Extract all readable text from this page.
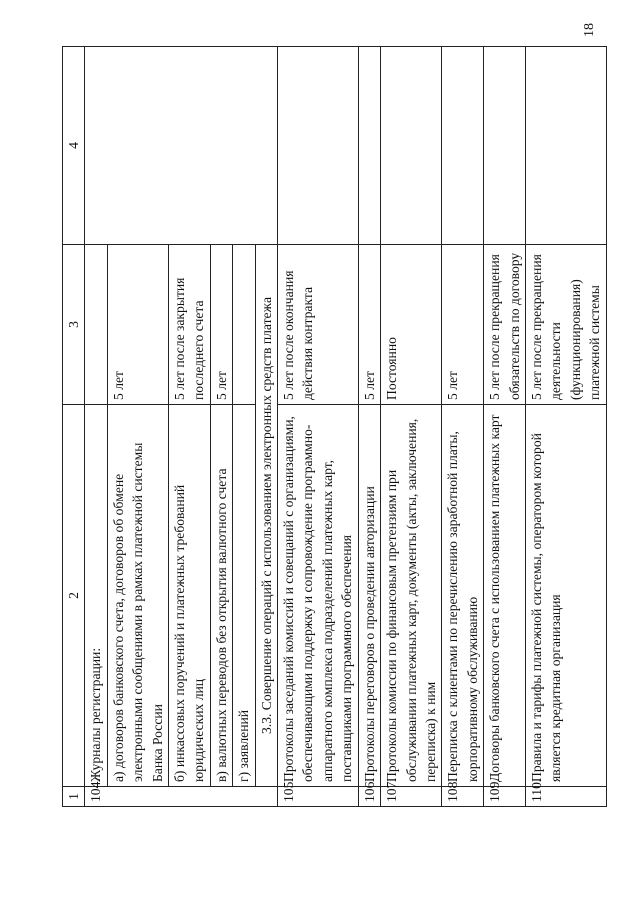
1	2	3	4
104.	Журналы регистрации:		
	а) договоров банковского счета, договоров об обмене электронными сообщениями в рамках платежной системы Банка России	5 лет	
	б) инкассовых поручений и платежных требований юридических лиц	5 лет после закрытия последнего счета	
	в) валютных переводов без открытия валютного счета	5 лет	
	г) заявлений		
	3.3. Совершение операций с использованием электронных средств платежа		
105.	Протоколы заседаний комиссий и совещаний с организациями, обеспечивающими поддержку и сопровождение программно-аппаратного комплекса подразделений платежных карт, поставщиками программного обеспечения	5 лет после окончания действия контракта	
106.	Протоколы переговоров о проведении авторизации	5 лет	
107.	Протоколы комиссии по финансовым претензиям при обслуживании платежных карт, документы (акты, заключения, переписка) к ним	Постоянно	
108.	Переписка с клиентами по перечислению заработной платы, корпоративному обслуживанию	5 лет	
109.	Договоры банковского счета с использованием платежных карт	5 лет после прекращения обязательств по договору	
110.	Правила и тарифы платежной системы, оператором которой является кредитная организация	5 лет после прекращения деятельности (функционирования) платежной системы	
18
